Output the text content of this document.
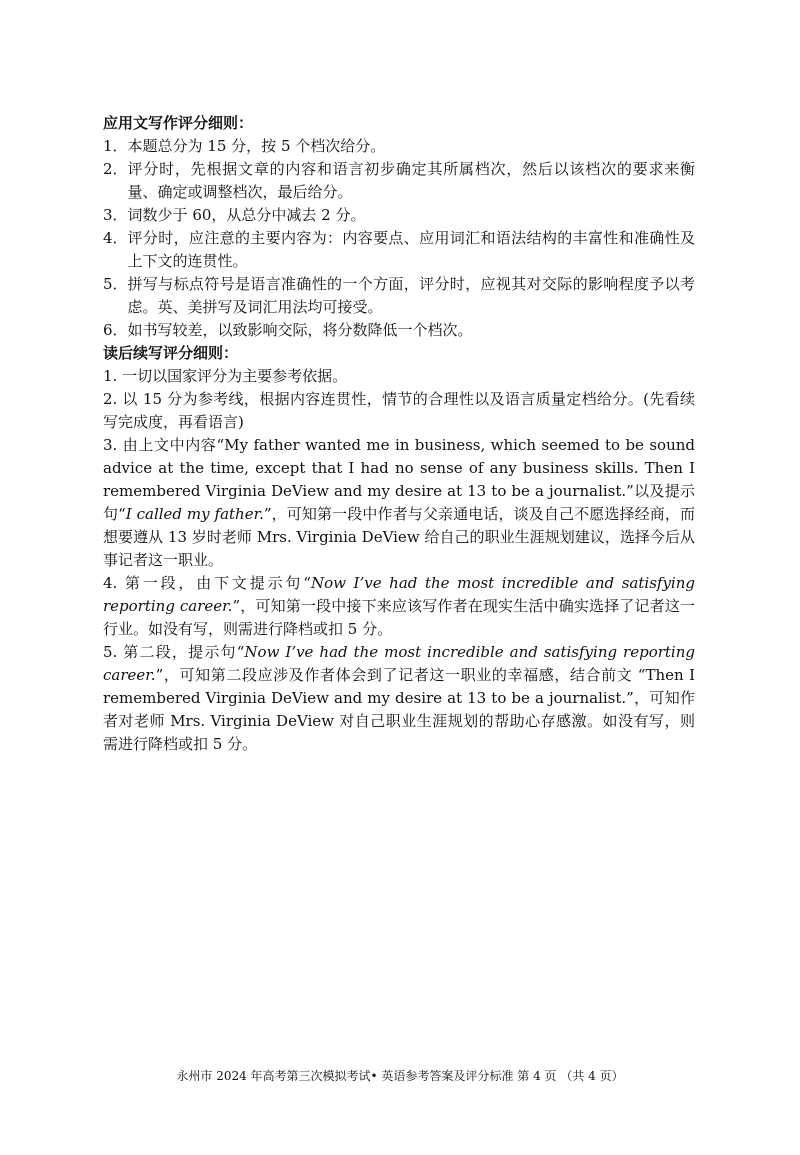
应用文写作评分细则：

1． 本题总分为 15 分，按 5 个档次给分。
2． 评分时，先根据文章的内容和语言初步确定其所属档次，然后以该档次的要求来衡量、确定或调整档次，最后给分。
3． 词数少于 60，从总分中减去 2 分。
4． 评分时，应注意的主要内容为：内容要点、应用词汇和语法结构的丰富性和准确性及上下文的连贯性。
5． 拼写与标点符号是语言准确性的一个方面，评分时，应视其对交际的影响程度予以考虑。英、美拼写及词汇用法均可接受。
6． 如书写较差，以致影响交际，将分数降低一个档次。

读后续写评分细则：

1. 一切以国家评分为主要参考依据。

2. 以 15 分为参考线，根据内容连贯性，情节的合理性以及语言质量定档给分。(先看续写完成度，再看语言)

3. 由上文中内容“My father wanted me in business, which seemed to be sound advice at the time, except that I had no sense of any business skills. Then I remembered Virginia DeView and my desire at 13 to be a journalist.”以及提示句“I called my father.”，可知第一段中作者与父亲通电话，谈及自己不愿选择经商，而想要遵从 13 岁时老师 Mrs. Virginia DeView 给自己的职业生涯规划建议，选择今后从事记者这一职业。

4. 第一段，由下文提示句“Now I’ve had the most incredible and satisfying reporting career.”，可知第一段中接下来应该写作者在现实生活中确实选择了记者这一行业。如没有写，则需进行降档或扣 5 分。

5. 第二段，提示句“Now I’ve had the most incredible and satisfying reporting career.”，可知第二段应涉及作者体会到了记者这一职业的幸福感，结合前文 “Then I remembered Virginia DeView and my desire at 13 to be a journalist.”，可知作者对老师 Mrs. Virginia DeView 对自己职业生涯规划的帮助心存感激。如没有写，则需进行降档或扣 5 分。

永州市 2024 年高考第三次模拟考试• 英语参考答案及评分标准 第 4 页 （共 4 页）
